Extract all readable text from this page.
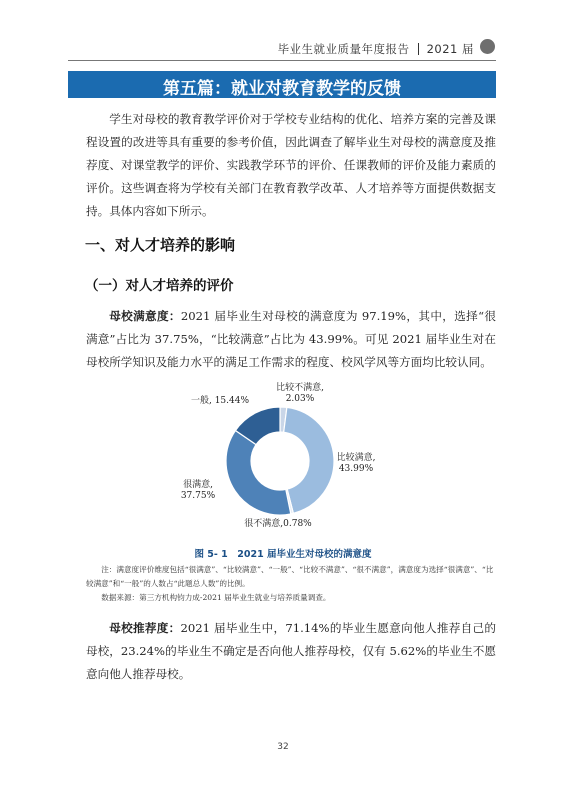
毕业生就业质量年度报告 2021 届
第五篇：就业对教育教学的反馈

学生对母校的教育教学评价对于学校专业结构的优化、培养方案的完善及课程设置的改进等具有重要的参考价值，因此调查了解毕业生对母校的满意度及推荐度、对课堂教学的评价、实践教学环节的评价、任课教师的评价及能力素质的评价。这些调查将为学校有关部门在教育教学改革、人才培养等方面提供数据支持。具体内容如下所示。

一、对人才培养的影响
（一）对人才培养的评价

母校满意度：2021 届毕业生对母校的满意度为 97.19%，其中，选择“很满意”占比为 37.75%，“比较满意”占比为 43.99%。可见 2021 届毕业生对在母校所学知识及能力水平的满足工作需求的程度、校风学风等方面均比较认同。

比较不满意, 2.03%
比较满意, 43.99%
很不满意,0.78%
很满意, 37.75%
一般, 15.44%
图 5- 1　2021 届毕业生对母校的满意度

注：满意度评价维度包括“很满意”、“比较满意”、“一般”、“比较不满意”、“很不满意”，满意度为选择“很满意”、“比较满意”和“一般”的人数占“此题总人数”的比例。

数据来源：第三方机构钧力成-2021 届毕业生就业与培养质量调查。

母校推荐度：2021 届毕业生中，71.14%的毕业生愿意向他人推荐自己的母校，23.24%的毕业生不确定是否向他人推荐母校，仅有 5.62%的毕业生不愿意向他人推荐母校。

32
